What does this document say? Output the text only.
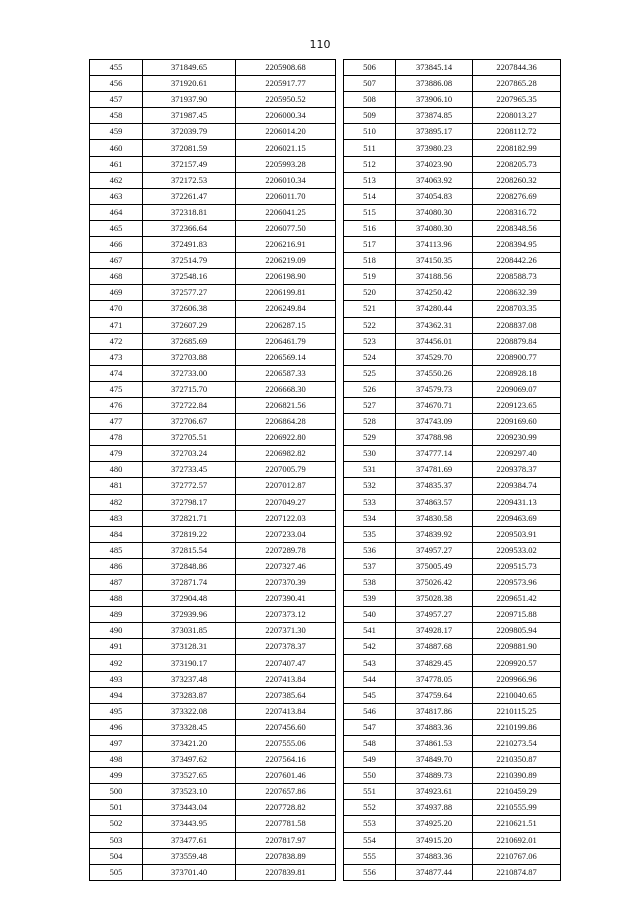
110
455	371849.65	2205908.68
456	371920.61	2205917.77
457	371937.90	2205950.52
458	371987.45	2206000.34
459	372039.79	2206014.20
460	372081.59	2206021.15
461	372157.49	2205993.28
462	372172.53	2206010.34
463	372261.47	2206011.70
464	372318.81	2206041.25
465	372366.64	2206077.50
466	372491.83	2206216.91
467	372514.79	2206219.09
468	372548.16	2206198.90
469	372577.27	2206199.81
470	372606.38	2206249.84
471	372607.29	2206287.15
472	372685.69	2206461.79
473	372703.88	2206569.14
474	372733.00	2206587.33
475	372715.70	2206668.30
476	372722.84	2206821.56
477	372706.67	2206864.28
478	372705.51	2206922.80
479	372703.24	2206982.82
480	372733.45	2207005.79
481	372772.57	2207012.87
482	372798.17	2207049.27
483	372821.71	2207122.03
484	372819.22	2207233.04
485	372815.54	2207289.78
486	372848.86	2207327.46
487	372871.74	2207370.39
488	372904.48	2207390.41
489	372939.96	2207373.12
490	373031.85	2207371.30
491	373128.31	2207378.37
492	373190.17	2207407.47
493	373237.48	2207413.84
494	373283.87	2207385.64
495	373322.08	2207413.84
496	373328.45	2207456.60
497	373421.20	2207555.06
498	373497.62	2207564.16
499	373527.65	2207601.46
500	373523.10	2207657.86
501	373443.04	2207728.82
502	373443.95	2207781.58
503	373477.61	2207817.97
504	373559.48	2207838.89
505	373701.40	2207839.81
506	373845.14	2207844.36
507	373886.08	2207865.28
508	373906.10	2207965.35
509	373874.85	2208013.27
510	373895.17	2208112.72
511	373980.23	2208182.99
512	374023.90	2208205.73
513	374063.92	2208260.32
514	374054.83	2208276.69
515	374080.30	2208316.72
516	374080.30	2208348.56
517	374113.96	2208394.95
518	374150.35	2208442.26
519	374188.56	2208588.73
520	374250.42	2208632.39
521	374280.44	2208703.35
522	374362.31	2208837.08
523	374456.01	2208879.84
524	374529.70	2208900.77
525	374550.26	2208928.18
526	374579.73	2209069.07
527	374670.71	2209123.65
528	374743.09	2209169.60
529	374788.98	2209230.99
530	374777.14	2209297.40
531	374781.69	2209378.37
532	374835.37	2209384.74
533	374863.57	2209431.13
534	374830.58	2209463.69
535	374839.92	2209503.91
536	374957.27	2209533.02
537	375005.49	2209515.73
538	375026.42	2209573.96
539	375028.38	2209651.42
540	374957.27	2209715.88
541	374928.17	2209805.94
542	374887.68	2209881.90
543	374829.45	2209920.57
544	374778.05	2209966.96
545	374759.64	2210040.65
546	374817.86	2210115.25
547	374883.36	2210199.86
548	374861.53	2210273.54
549	374849.70	2210350.87
550	374889.73	2210390.89
551	374923.61	2210459.29
552	374937.88	2210555.99
553	374925.20	2210621.51
554	374915.20	2210692.01
555	374883.36	2210767.06
556	374877.44	2210874.87
